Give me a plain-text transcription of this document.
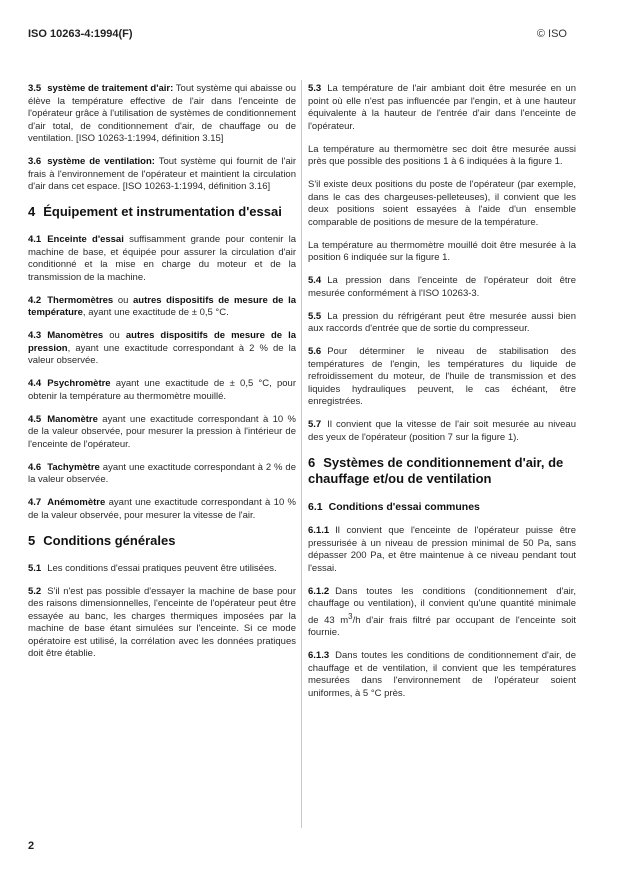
ISO 10263-4:1994(F)	© ISO

3.5 système de traitement d'air: Tout système qui abaisse ou élève la température effective de l'air dans l'enceinte de l'opérateur grâce à l'utilisation de systèmes de conditionnement d'air total, de conditionnement d'air, de chauffage ou de ventilation. [ISO 10263-1:1994, définition 3.15]

3.6 système de ventilation: Tout système qui fournit de l'air frais à l'environnement de l'opérateur et maintient la circulation d'air dans cet espace. [ISO 10263-1:1994, définition 3.16]

4 Équipement et instrumentation d'essai

4.1 Enceinte d'essai suffisamment grande pour contenir la machine de base, et équipée pour assurer la circulation d'air conditionné et la mise en charge du moteur et de la transmission de la machine.

4.2 Thermomètres ou autres dispositifs de mesure de la température, ayant une exactitude de ± 0,5 °C.

4.3 Manomètres ou autres dispositifs de mesure de la pression, ayant une exactitude correspondant à 2 % de la valeur observée.

4.4 Psychromètre ayant une exactitude de ± 0,5 °C, pour obtenir la température au thermomètre mouillé.

4.5 Manomètre ayant une exactitude correspondant à 10 % de la valeur observée, pour mesurer la pression à l'intérieur de l'enceinte de l'opérateur.

4.6 Tachymètre ayant une exactitude correspondant à 2 % de la valeur observée.

4.7 Anémomètre ayant une exactitude correspondant à 10 % de la valeur observée, pour mesurer la vitesse de l'air.

5 Conditions générales

5.1 Les conditions d'essai pratiques peuvent être utilisées.

5.2 S'il n'est pas possible d'essayer la machine de base pour des raisons dimensionnelles, l'enceinte de l'opérateur peut être essayée au banc, les charges thermiques imposées par la machine de base étant simulées sur l'enceinte. Si ce mode opératoire est utilisé, la corrélation avec les données pratiques doit être établie.

5.3 La température de l'air ambiant doit être mesurée en un point où elle n'est pas influencée par l'engin, et à une hauteur équivalente à la hauteur de l'entrée d'air dans l'enceinte de l'opérateur.

La température au thermomètre sec doit être mesurée aussi près que possible des positions 1 à 6 indiquées à la figure 1.

S'il existe deux positions du poste de l'opérateur (par exemple, dans le cas des chargeuses-pelleteuses), il convient que les deux positions soient essayées à l'aide d'un ensemble comparable de positions de mesure de la température.

La température au thermomètre mouillé doit être mesurée à la position 6 indiquée sur la figure 1.

5.4 La pression dans l'enceinte de l'opérateur doit être mesurée conformément à l'ISO 10263-3.

5.5 La pression du réfrigérant peut être mesurée aussi bien aux raccords d'entrée que de sortie du compresseur.

5.6 Pour déterminer le niveau de stabilisation des températures de l'engin, les températures du liquide de refroidissement du moteur, de l'huile de transmission et des liquides hydrauliques peuvent, le cas échéant, être enregistrées.

5.7 Il convient que la vitesse de l'air soit mesurée au niveau des yeux de l'opérateur (position 7 sur la figure 1).

6 Systèmes de conditionnement d'air, de chauffage et/ou de ventilation
6.1 Conditions d'essai communes

6.1.1 Il convient que l'enceinte de l'opérateur puisse être pressurisée à un niveau de pression minimal de 50 Pa, sans dépasser 200 Pa, et être maintenue à ce niveau pendant tout l'essai.

6.1.2 Dans toutes les conditions (conditionnement d'air, chauffage ou ventilation), il convient qu'une quantité minimale de 43 $m^3/h$ d'air frais filtré par occupant de l'enceinte soit fournie.

6.1.3 Dans toutes les conditions de conditionnement d'air, de chauffage et de ventilation, il convient que les températures mesurées dans l'environnement de l'opérateur soient uniformes, à 5 °C près.

2
